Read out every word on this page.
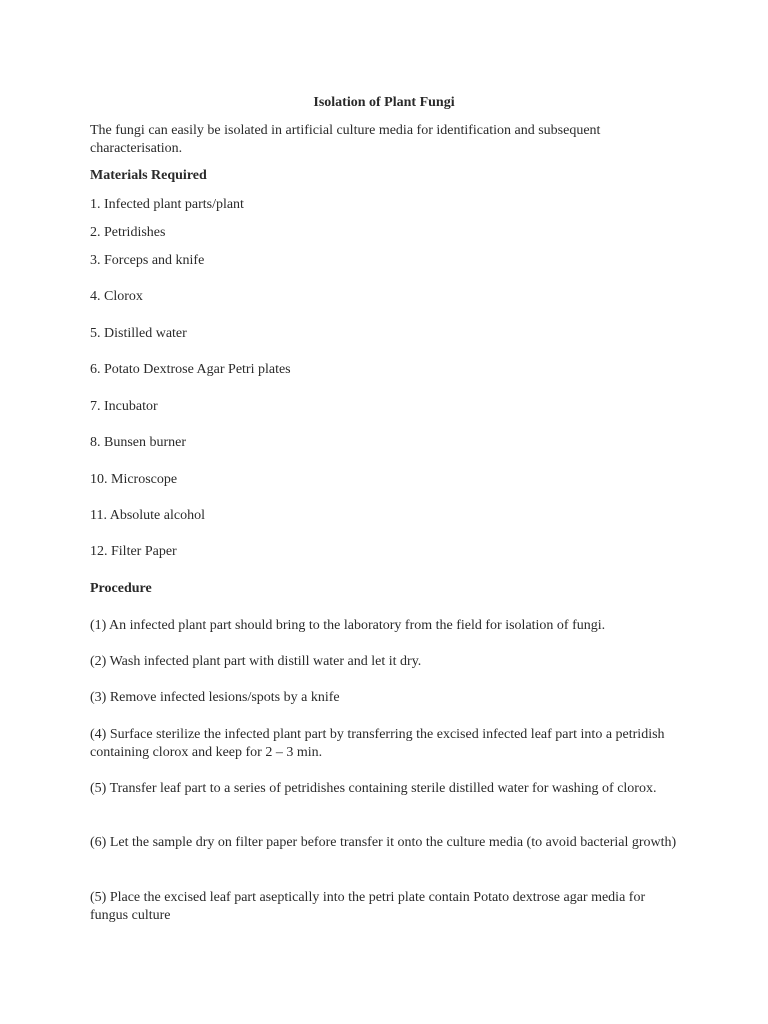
Isolation of Plant Fungi

The fungi can easily be isolated in artificial culture media for identification and subsequent characterisation.

Materials Required

1. Infected plant parts/plant

2. Petridishes

3. Forceps and knife

4. Clorox

5. Distilled water

6. Potato Dextrose Agar Petri plates

7. Incubator

8. Bunsen burner

10. Microscope

11. Absolute alcohol

12. Filter Paper

Procedure

(1) An infected plant part should bring to the laboratory from the field for isolation of fungi.

(2) Wash infected plant part with distill water and let it dry.

(3) Remove infected lesions/spots by a knife

(4) Surface sterilize the infected plant part by transferring the excised infected leaf part into a petridish containing clorox and keep for 2 – 3 min.

(5) Transfer leaf part to a series of petridishes containing sterile distilled water for washing of clorox.

(6) Let the sample dry on filter paper before transfer it onto the culture media (to avoid bacterial growth)

(5) Place the excised leaf part aseptically into the petri plate contain Potato dextrose agar media for fungus culture
